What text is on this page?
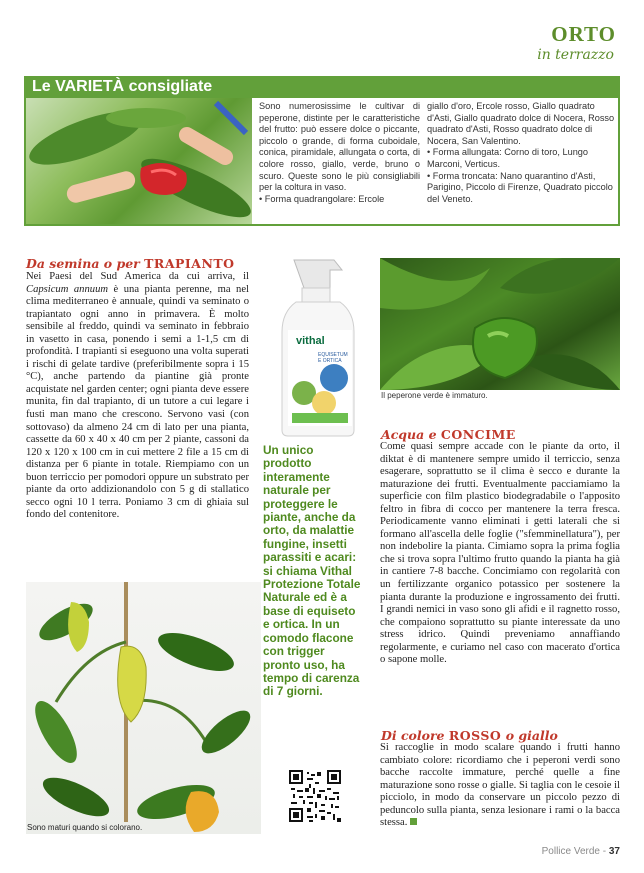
ORTO
in terrazzo
Le VARIETÀ consigliate
Sono numerosissime le cultivar di peperone, distinte per le caratteristiche del frutto: può essere dolce o piccante, piccolo o grande, di forma cuboidale, conica, piramidale, allungata o corta, di colore rosso, giallo, verde, bruno o scuro. Queste sono le più consigliabili per la coltura in vaso.
• Forma quadrangolare: Ercole
giallo d'oro, Ercole rosso, Giallo quadrato d'Asti, Giallo quadrato dolce di Nocera, Rosso quadrato d'Asti, Rosso quadrato dolce di Nocera, San Valentino.
• Forma allungata: Corno di toro, Lungo Marconi, Verticus.
• Forma troncata: Nano quarantino d'Asti, Parigino, Piccolo di Firenze, Quadrato piccolo del Veneto.
Da semina o per TRAPIANTO
Nei Paesi del Sud America da cui arriva, il Capsicum annuum è una pianta perenne, ma nel clima mediterraneo è annuale, quindi va seminato o trapiantato ogni anno in primavera. È molto sensibile al freddo, quindi va seminato in febbraio in vasetto in casa, ponendo i semi a 1-1,5 cm di profondità. I trapianti si eseguono una volta superati i rischi di gelate tardive (preferibilmente sopra i 15 °C), anche partendo da piantine già pronte acquistate nel garden center; ogni pianta deve essere munita, fin dal trapianto, di un tutore a cui legare i fusti man mano che crescono. Servono vasi (con sottovaso) da almeno 24 cm di lato per una pianta, cassette da 60 x 40 x 40 cm per 2 piante, cassoni da 120 x 120 x 100 cm in cui mettere 2 file a 15 cm di distanza per 6 piante in totale. Riempiamo con un buon terriccio per pomodori oppure un substrato per piante da orto addizionandolo con 5 g di stallatico secco ogni 10 l terra. Poniamo 3 cm di ghiaia sul fondo del contenitore.
vithal
EQUISETUM
E ORTICA
Un unico prodotto interamente naturale per proteggere le piante, anche da orto, da malattie fungine, insetti parassiti e acari: si chiama Vithal Protezione Totale Naturale ed è a base di equiseto e ortica. In un comodo flacone con trigger pronto uso, ha tempo di carenza di 7 giorni.
Il peperone verde è immaturo.
Acqua e CONCIME
Come quasi sempre accade con le piante da orto, il diktat è di mantenere sempre umido il terriccio, senza esagerare, soprattutto se il clima è secco e durante la maturazione dei frutti. Eventualmente pacciamiamo la superficie con film plastico biodegradabile o l'apposito feltro in fibra di cocco per mantenere la terra fresca. Periodicamente vanno eliminati i getti laterali che si formano all'ascella delle foglie ("sfemminellatura"), per non indebolire la pianta. Cimiamo sopra la prima foglia che si trova sopra l'ultimo frutto quando la pianta ha già in cantiere 7-8 bacche. Concimiamo con regolarità con un fertilizzante organico potassico per sostenere la pianta durante la produzione e ingrossamento dei frutti. I grandi nemici in vaso sono gli afidi e il ragnetto rosso, che compaiono soprattutto su piante interessate da uno stress idrico. Quindi preveniamo annaffiando regolarmente, e curiamo nel caso con macerato d'ortica o sapone molle.
Di colore ROSSO o giallo
Si raccoglie in modo scalare quando i frutti hanno cambiato colore: ricordiamo che i peperoni verdi sono bacche raccolte immature, perché quelle a fine maturazione sono rosse o gialle. Si taglia con le cesoie il picciolo, in modo da conservare un piccolo pezzo di peduncolo sulla pianta, senza lesionare i rami o la bacca stessa.
Sono maturi quando si colorano.
Pollice Verde - 37
